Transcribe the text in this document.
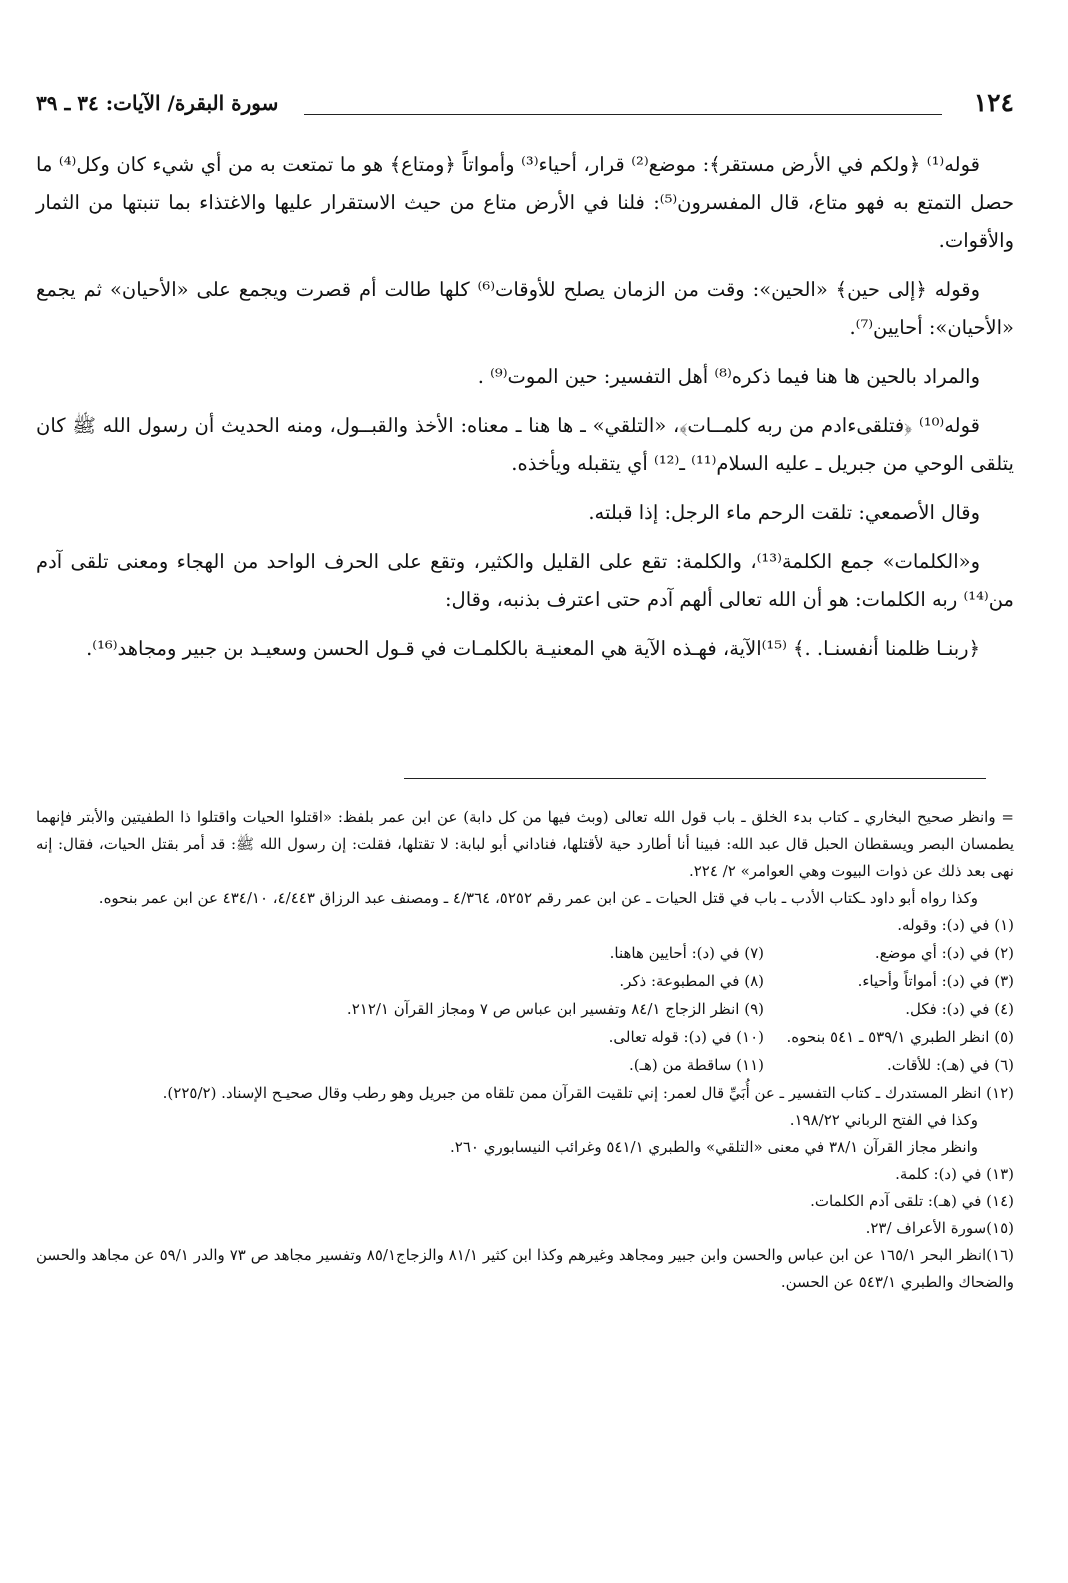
١٢٤
سورة البقرة/ الآيات: ٣٤ ـ ٣٩

قوله⁽¹⁾ ﴿ولكم في الأرض مستقر﴾: موضع⁽²⁾ قرار، أحياء⁽³⁾ وأمواتاً ﴿ومتاع﴾ هو ما تمتعت به من أي شيء كان وكل⁽⁴⁾ ما حصل التمتع به فهو متاع، قال المفسرون⁽⁵⁾: فلنا في الأرض متاع من حيث الاستقرار عليها والاغتذاء بما تنبتها من الثمار والأقوات.

وقوله ﴿إلى حين﴾ «الحين»: وقت من الزمان يصلح للأوقات⁽⁶⁾ كلها طالت أم قصرت ويجمع على «الأحيان» ثم يجمع «الأحيان»: أحايين⁽⁷⁾.

والمراد بالحين ها هنا فيما ذكره⁽⁸⁾ أهل التفسير: حين الموت⁽⁹⁾ .

قوله⁽¹⁰⁾ ﴿فتلقىءادم من ربه كلمــات﴾، «التلقي» ـ ها هنا ـ معناه: الأخذ والقبــول، ومنه الحديث أن رسول الله ﷺ كان يتلقى الوحي من جبريل ـ عليه السلام⁽¹¹⁾ ـ⁽¹²⁾ أي يتقبله ويأخذه.

وقال الأصمعي: تلقت الرحم ماء الرجل: إذا قبلته.

و«الكلمات» جمع الكلمة⁽¹³⁾، والكلمة: تقع على القليل والكثير، وتقع على الحرف الواحد من الهجاء ومعنى تلقى آدم من⁽¹⁴⁾ ربه الكلمات: هو أن الله تعالى ألهم آدم حتى اعترف بذنبه، وقال:

﴿ربنـا ظلمنا أنفسنـا. .﴾ ⁽¹⁵⁾الآية، فهـذه الآية هي المعنيـة بالكلمـات في قـول الحسن وسعيـد بن جبير ومجاهد⁽¹⁶⁾.

= وانظر صحيح البخاري ـ كتاب بدء الخلق ـ باب قول الله تعالى (وبث فيها من كل دابة) عن ابن عمر بلفظ: «اقتلوا الحيات واقتلوا ذا الطفيتين والأبتر فإنهما يطمسان البصر ويسقطان الحبل قال عبد الله: فبينا أنا أطارد حية لأقتلها، فناداني أبو لبابة: لا تقتلها، فقلت: إن رسول الله ﷺ: قد أمر بقتل الحيات، فقال: إنه نهى بعد ذلك عن ذوات البيوت وهي العوامر» ٢/ ٢٢٤.

وكذا رواه أبو داود ـكتاب الأدب ـ باب في قتل الحيات ـ عن ابن عمر رقم ٥٢٥٢، ٤/٣٦٤ ـ ومصنف عبد الرزاق ٤/٤٤٣، ٤٣٤/١٠ عن ابن عمر بنحوه.

(١) في (د): وقوله.
(٢) في (د): أي موضع.
(٣) في (د): أمواتاً وأحياء.
(٤) في (د): فكل.
(٥) انظر الطبري ٥٣٩/١ ـ ٥٤١ بنحوه.
(٦) في (هـ): للأقات.
(٧) في (د): أحايين هاهنا.
(٨) في المطبوعة: ذكر.
(٩) انظر الزجاج ٨٤/١ وتفسير ابن عباس ص ٧ ومجاز القرآن ٢١٢/١.
(١٠) في (د): قوله تعالى.
(١١) ساقطة من (هـ).

(١٢) انظر المستدرك ـ كتاب التفسير ـ عن أُبَيِّ قال لعمر: إني تلقيت القرآن ممن تلقاه من جبريل وهو رطب وقال صحيـح الإسناد. (٢٢٥/٢).

وكذا في الفتح الرباني ١٩٨/٢٢.

وانظر مجاز القرآن ٣٨/١ في معنى «التلقي» والطبري ٥٤١/١ وغرائب النيسابوري ٢٦٠.

(١٣) في (د): كلمة.

(١٤) في (هـ): تلقى آدم الكلمات.

(١٥)سورة الأعراف /٢٣.

(١٦)انظر البحر ١٦٥/١ عن ابن عباس والحسن وابن جبير ومجاهد وغيرهم وكذا ابن كثير ٨١/١ والزجاج٨٥/١ وتفسير مجاهد ص ٧٣ والدر ٥٩/١ عن مجاهد والحسن والضحاك والطبري ٥٤٣/١ عن الحسن.
